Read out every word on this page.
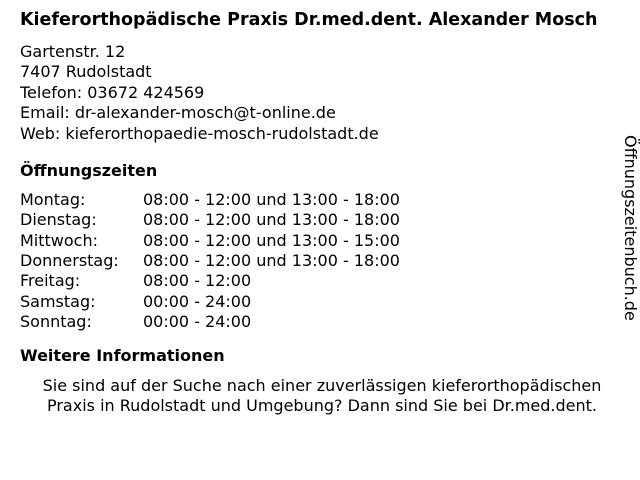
Kieferorthopädische Praxis Dr.med.dent. Alexander Mosch
Gartenstr. 12
7407 Rudolstadt
Telefon: 03672 424569
Email: dr-alexander-mosch@t-online.de
Web: kieferorthopaedie-mosch-rudolstadt.de
Öffnungszeiten
Montag:	08:00 - 12:00 und 13:00 - 18:00
Dienstag:	08:00 - 12:00 und 13:00 - 18:00
Mittwoch:	08:00 - 12:00 und 13:00 - 15:00
Donnerstag:	08:00 - 12:00 und 13:00 - 18:00
Freitag:	08:00 - 12:00
Samstag:	00:00 - 24:00
Sonntag:	00:00 - 24:00
Weitere Informationen
Sie sind auf der Suche nach einer zuverlässigen kieferorthopädischen
Praxis in Rudolstadt und Umgebung? Dann sind Sie bei Dr.med.dent.
Öffnungszeitenbuch.de
